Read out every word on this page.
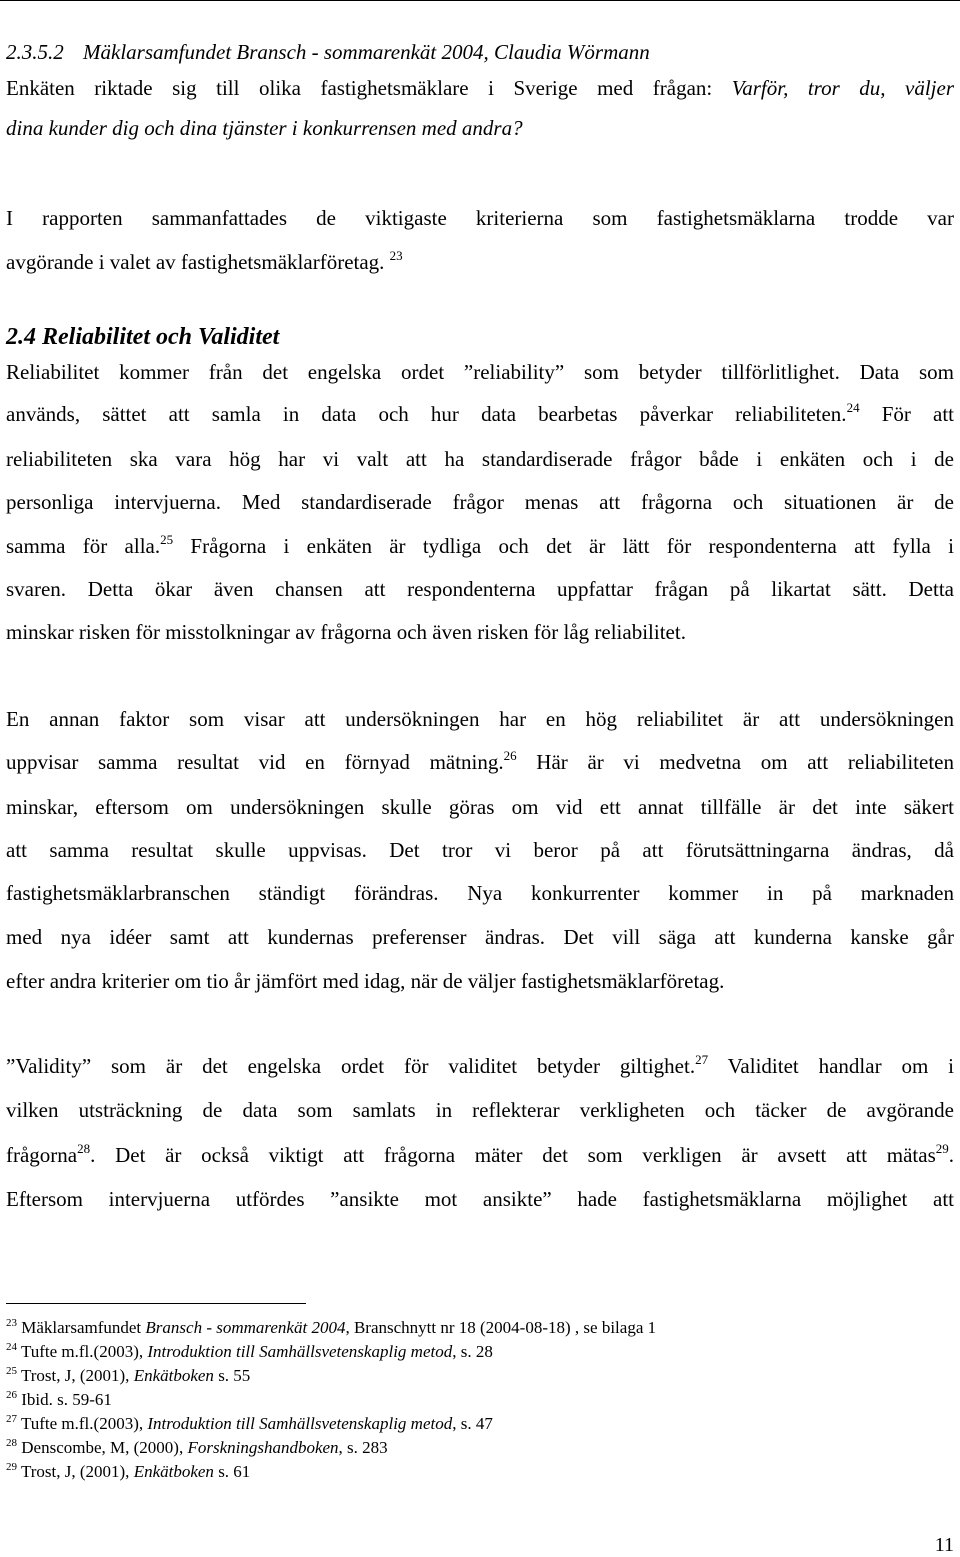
2.3.5.2 Mäklarsamfundet Bransch - sommarenkät 2004, Claudia Wörmann
Enkäten riktade sig till olika fastighetsmäklare i Sverige med frågan: Varför, tror du, väljer
dina kunder dig och dina tjänster i konkurrensen med andra?
I rapporten sammanfattades de viktigaste kriterierna som fastighetsmäklarna trodde var
avgörande i valet av fastighetsmäklarföretag. $^{23}$
2.4 Reliabilitet och Validitet
Reliabilitet kommer från det engelska ordet ”reliability” som betyder tillförlitlighet. Data som
används, sättet att samla in data och hur data bearbetas påverkar reliabiliteten.$^{24}$ För att
reliabiliteten ska vara hög har vi valt att ha standardiserade frågor både i enkäten och i de
personliga intervjuerna. Med standardiserade frågor menas att frågorna och situationen är de
samma för alla.$^{25}$ Frågorna i enkäten är tydliga och det är lätt för respondenterna att fylla i
svaren. Detta ökar även chansen att respondenterna uppfattar frågan på likartat sätt. Detta
minskar risken för misstolkningar av frågorna och även risken för låg reliabilitet.
En annan faktor som visar att undersökningen har en hög reliabilitet är att undersökningen
uppvisar samma resultat vid en förnyad mätning.$^{26}$ Här är vi medvetna om att reliabiliteten
minskar, eftersom om undersökningen skulle göras om vid ett annat tillfälle är det inte säkert
att samma resultat skulle uppvisas. Det tror vi beror på att förutsättningarna ändras, då
fastighetsmäklarbranschen ständigt förändras. Nya konkurrenter kommer in på marknaden
med nya idéer samt att kundernas preferenser ändras. Det vill säga att kunderna kanske går
efter andra kriterier om tio år jämfört med idag, när de väljer fastighetsmäklarföretag.
”Validity” som är det engelska ordet för validitet betyder giltighet.$^{27}$ Validitet handlar om i
vilken utsträckning de data som samlats in reflekterar verkligheten och täcker de avgörande
frågorna$^{28}$. Det är också viktigt att frågorna mäter det som verkligen är avsett att mätas$^{29}$.
Eftersom intervjuerna utfördes ”ansikte mot ansikte” hade fastighetsmäklarna möjlighet att
$^{23}$ Mäklarsamfundet Bransch - sommarenkät 2004, Branschnytt nr 18 (2004-08-18) , se bilaga 1
$^{24}$ Tufte m.fl.(2003), Introduktion till Samhällsvetenskaplig metod, s. 28
$^{25}$ Trost, J, (2001), Enkätboken s. 55
$^{26}$ Ibid. s. 59-61
$^{27}$ Tufte m.fl.(2003), Introduktion till Samhällsvetenskaplig metod, s. 47
$^{28}$ Denscombe, M, (2000), Forskningshandboken, s. 283
$^{29}$ Trost, J, (2001), Enkätboken s. 61
11
